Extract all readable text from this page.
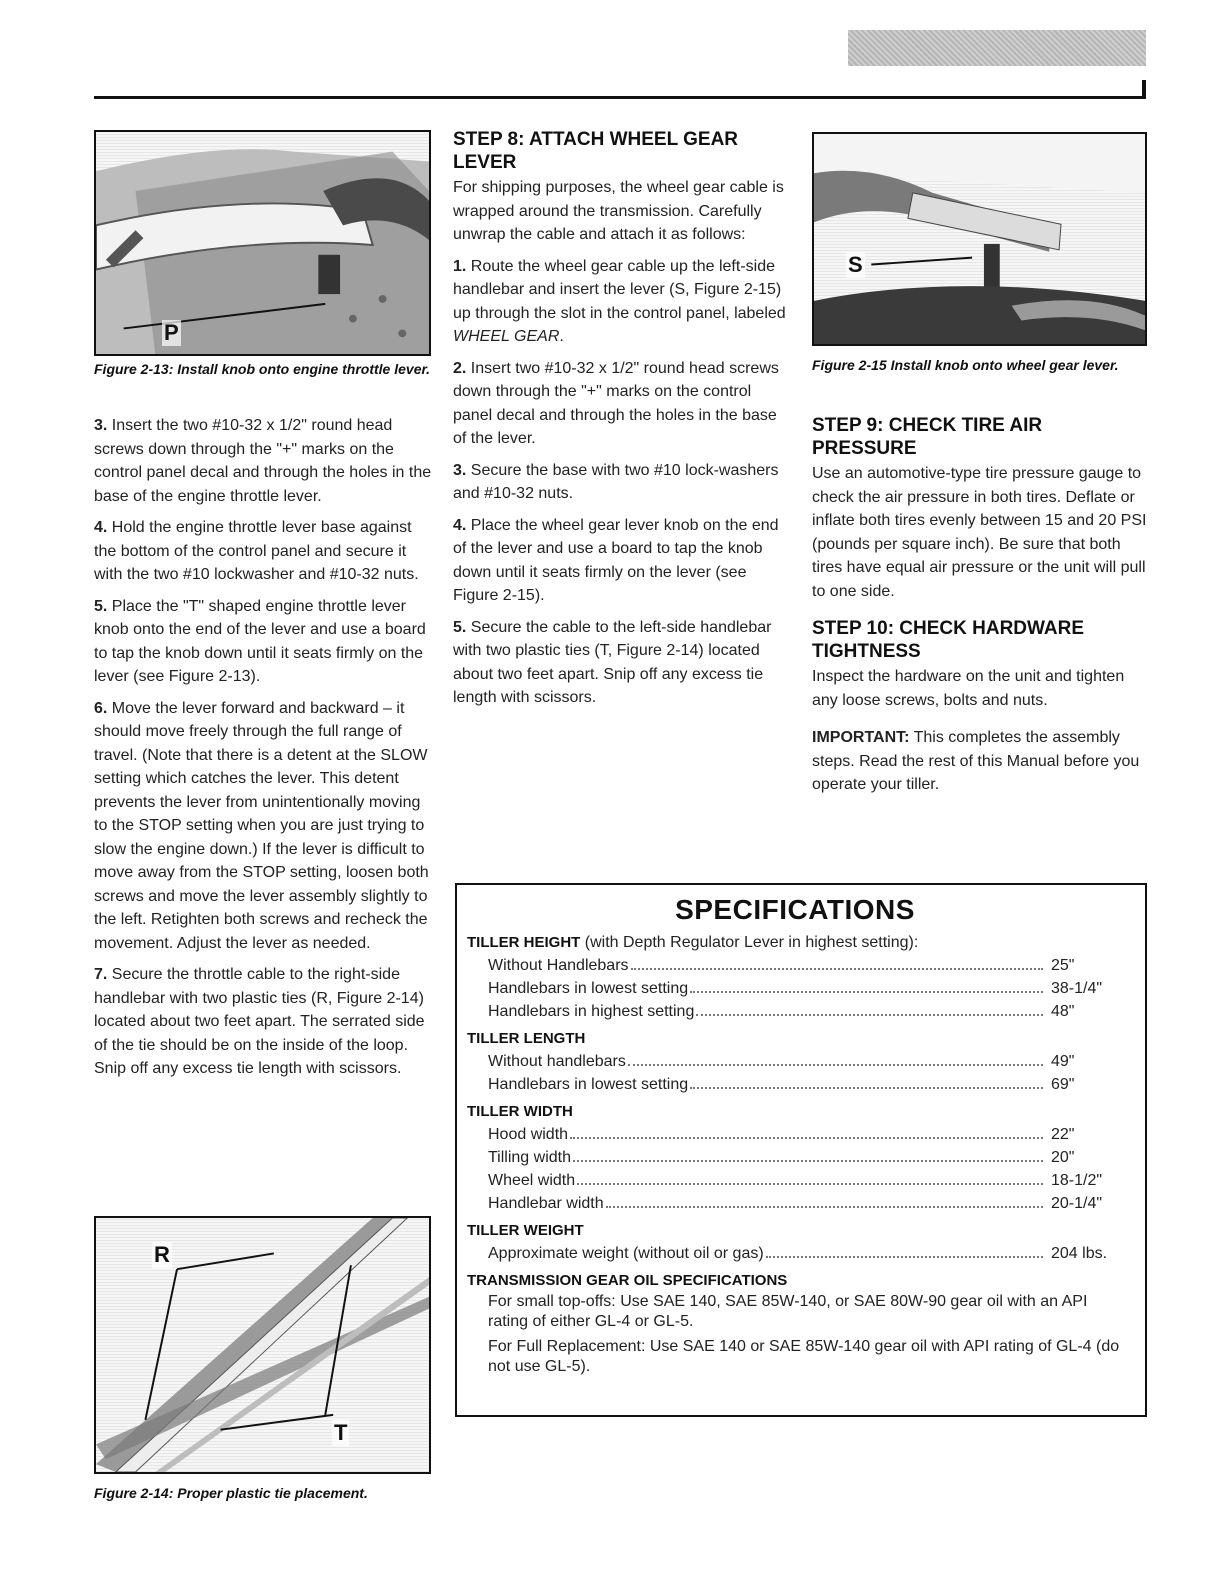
P
Figure 2-13: Install knob onto engine throttle lever.

3. Insert the two #10-32 x 1/2" round head screws down through the "+" marks on the control panel decal and through the holes in the base of the engine throttle lever.

4. Hold the engine throttle lever base against the bottom of the control panel and secure it with the two #10 lockwasher and #10-32 nuts.

5. Place the "T" shaped engine throttle lever knob onto the end of the lever and use a board to tap the knob down until it seats firmly on the lever (see Figure 2-13).

6. Move the lever forward and backward – it should move freely through the full range of travel. (Note that there is a detent at the SLOW setting which catches the lever. This detent prevents the lever from unintentionally moving to the STOP setting when you are just trying to slow the engine down.) If the lever is difficult to move away from the STOP setting, loosen both screws and move the lever assembly slightly to the left. Retighten both screws and recheck the movement. Adjust the lever as needed.

7. Secure the throttle cable to the right-side handlebar with two plastic ties (R, Figure 2-14) located about two feet apart. The serrated side of the tie should be on the inside of the loop. Snip off any excess tie length with scissors.

R
T
Figure 2-14: Proper plastic tie placement.
STEP 8: ATTACH WHEEL GEAR LEVER

For shipping purposes, the wheel gear cable is wrapped around the transmission. Carefully unwrap the cable and attach it as follows:

1. Route the wheel gear cable up the left-side handlebar and insert the lever (S, Figure 2-15) up through the slot in the control panel, labeled WHEEL GEAR.

2. Insert two #10-32 x 1/2" round head screws down through the "+" marks on the control panel decal and through the holes in the base of the lever.

3. Secure the base with two #10 lock-washers and #10-32 nuts.

4. Place the wheel gear lever knob on the end of the lever and use a board to tap the knob down until it seats firmly on the lever (see Figure 2-15).

5. Secure the cable to the left-side handlebar with two plastic ties (T, Figure 2-14) located about two feet apart. Snip off any excess tie length with scissors.

S
Figure 2-15 Install knob onto wheel gear lever.
STEP 9: CHECK TIRE AIR PRESSURE

Use an automotive-type tire pressure gauge to check the air pressure in both tires. Deflate or inflate both tires evenly between 15 and 20 PSI (pounds per square inch). Be sure that both tires have equal air pressure or the unit will pull to one side.

STEP 10: CHECK HARDWARE TIGHTNESS

Inspect the hardware on the unit and tighten any loose screws, bolts and nuts.

IMPORTANT: This completes the assembly steps. Read the rest of this Manual before you operate your tiller.

SPECIFICATIONS
TILLER HEIGHT (with Depth Regulator Lever in highest setting):
Without Handlebars	25"
Handlebars in lowest setting	38-1/4"
Handlebars in highest setting	48"
TILLER LENGTH
Without handlebars	49"
Handlebars in lowest setting	69"
TILLER WIDTH
Hood width	22"
Tilling width	20"
Wheel width	18-1/2"
Handlebar width	20-1/4"
TILLER WEIGHT
Approximate weight (without oil or gas)	204 lbs.
TRANSMISSION GEAR OIL SPECIFICATIONS
For small top-offs: Use SAE 140, SAE 85W-140, or SAE 80W-90 gear oil with an API rating of either GL-4 or GL-5.
For Full Replacement: Use SAE 140 or SAE 85W-140 gear oil with API rating of GL-4 (do not use GL-5).
